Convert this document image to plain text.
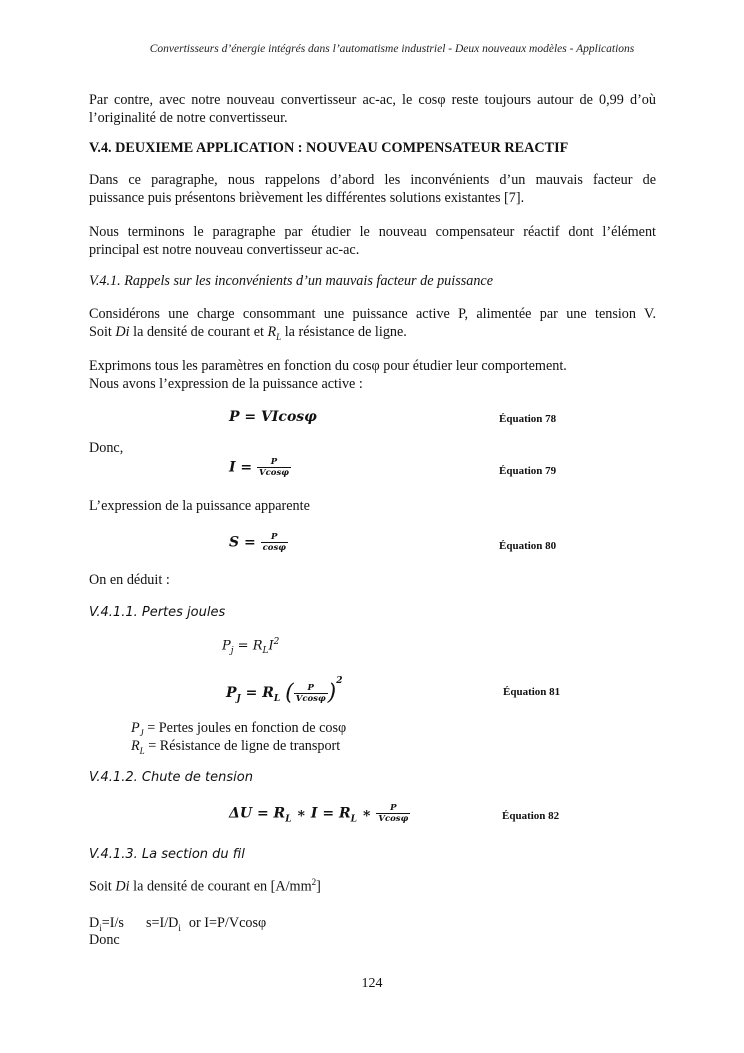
Convertisseurs d’énergie intégrés dans l’automatisme industriel - Deux nouveaux modèles - Applications
Par contre, avec notre nouveau convertisseur ac-ac, le cosφ reste toujours autour de 0,99 d’où
l’originalité de notre convertisseur.
V.4. DEUXIEME APPLICATION : NOUVEAU COMPENSATEUR REACTIF
Dans ce paragraphe, nous rappelons d’abord les inconvénients d’un mauvais facteur de
puissance puis présentons brièvement les différentes solutions existantes [7].
Nous terminons le paragraphe par étudier le nouveau compensateur réactif dont l’élément
principal est notre nouveau convertisseur ac-ac.
V.4.1. Rappels sur les inconvénients d’un mauvais facteur de puissance
Considérons une charge consommant une puissance active P, alimentée par une tension V.
Soit Di la densité de courant et $R_L$ la résistance de ligne.
Exprimons tous les paramètres en fonction du cosφ pour étudier leur comportement.
Nous avons l’expression de la puissance active :
P = VIcosφ	Équation 78
Donc,
$I = \frac{P}{Vcos\varphi}$	Équation 79
L’expression de la puissance apparente
$S = \frac{P}{\cos\varphi}$	Équation 80
On en déduit :
V.4.1.1. Pertes joules
$P_j = R_LI^2$
$P_J = R_L$ ( $\frac{P}{Vcos\varphi} )^2$
Équation 81
$P_J$ = Pertes joules en fonction de cosφ
$R_L$ = Résistance de ligne de transport
V.4.1.2. Chute de tension
$\Delta U = R_L$ ∗ $I = R_L$ ∗ $\frac{P}{Vcos\varphi}$	Équation 82
V.4.1.3. La section du fil
Soit Di la densité de courant en $[A/mm^2]$
$D_i=I/s$ $s=I/D_i$ or I=P/Vcosφ
Donc
124
